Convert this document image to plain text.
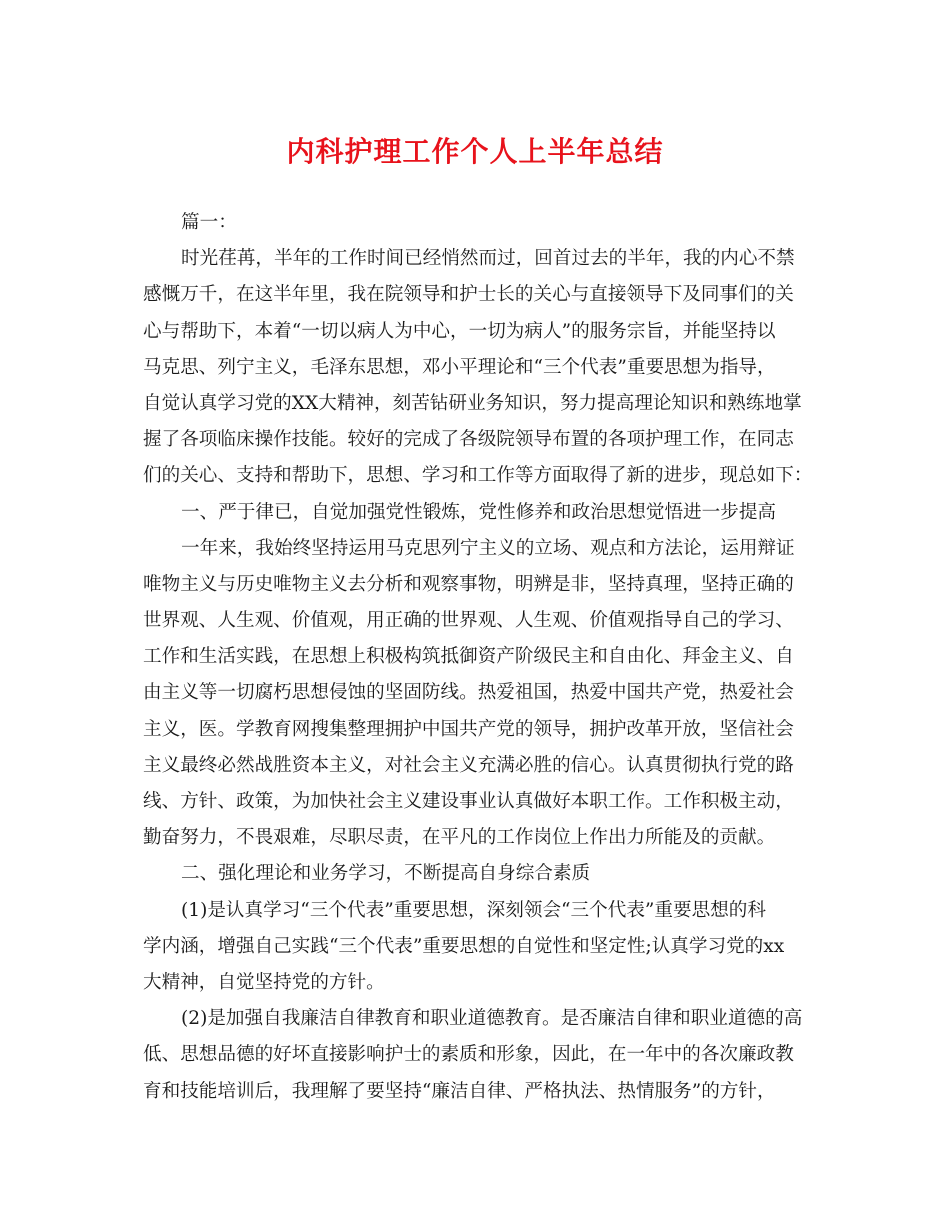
内科护理工作个人上半年总结
篇一：
时光荏苒，半年的工作时间已经悄然而过，回首过去的半年，我的内心不禁
感慨万千，在这半年里，我在院领导和护士长的关心与直接领导下及同事们的关
心与帮助下，本着“一切以病人为中心，一切为病人”的服务宗旨，并能坚持以
马克思、列宁主义，毛泽东思想，邓小平理论和“三个代表”重要思想为指导，
自觉认真学习党的XX大精神，刻苦钻研业务知识，努力提高理论知识和熟练地掌
握了各项临床操作技能。较好的完成了各级院领导布置的各项护理工作，在同志
们的关心、支持和帮助下，思想、学习和工作等方面取得了新的进步，现总如下：
一、严于律已，自觉加强党性锻炼，党性修养和政治思想觉悟进一步提高
一年来，我始终坚持运用马克思列宁主义的立场、观点和方法论，运用辩证
唯物主义与历史唯物主义去分析和观察事物，明辨是非，坚持真理，坚持正确的
世界观、人生观、价值观，用正确的世界观、人生观、价值观指导自己的学习、
工作和生活实践，在思想上积极构筑抵御资产阶级民主和自由化、拜金主义、自
由主义等一切腐朽思想侵蚀的坚固防线。热爱祖国，热爱中国共产党，热爱社会
主义，医。学教育网搜集整理拥护中国共产党的领导，拥护改革开放，坚信社会
主义最终必然战胜资本主义，对社会主义充满必胜的信心。认真贯彻执行党的路
线、方针、政策，为加快社会主义建设事业认真做好本职工作。工作积极主动，
勤奋努力，不畏艰难，尽职尽责，在平凡的工作岗位上作出力所能及的贡献。
二、强化理论和业务学习，不断提高自身综合素质
(1)是认真学习“三个代表”重要思想，深刻领会“三个代表”重要思想的科
学内涵，增强自己实践“三个代表”重要思想的自觉性和坚定性;认真学习党的xx
大精神，自觉坚持党的方针。
(2)是加强自我廉洁自律教育和职业道德教育。是否廉洁自律和职业道德的高
低、思想品德的好坏直接影响护士的素质和形象，因此，在一年中的各次廉政教
育和技能培训后，我理解了要坚持“廉洁自律、严格执法、热情服务”的方针，
